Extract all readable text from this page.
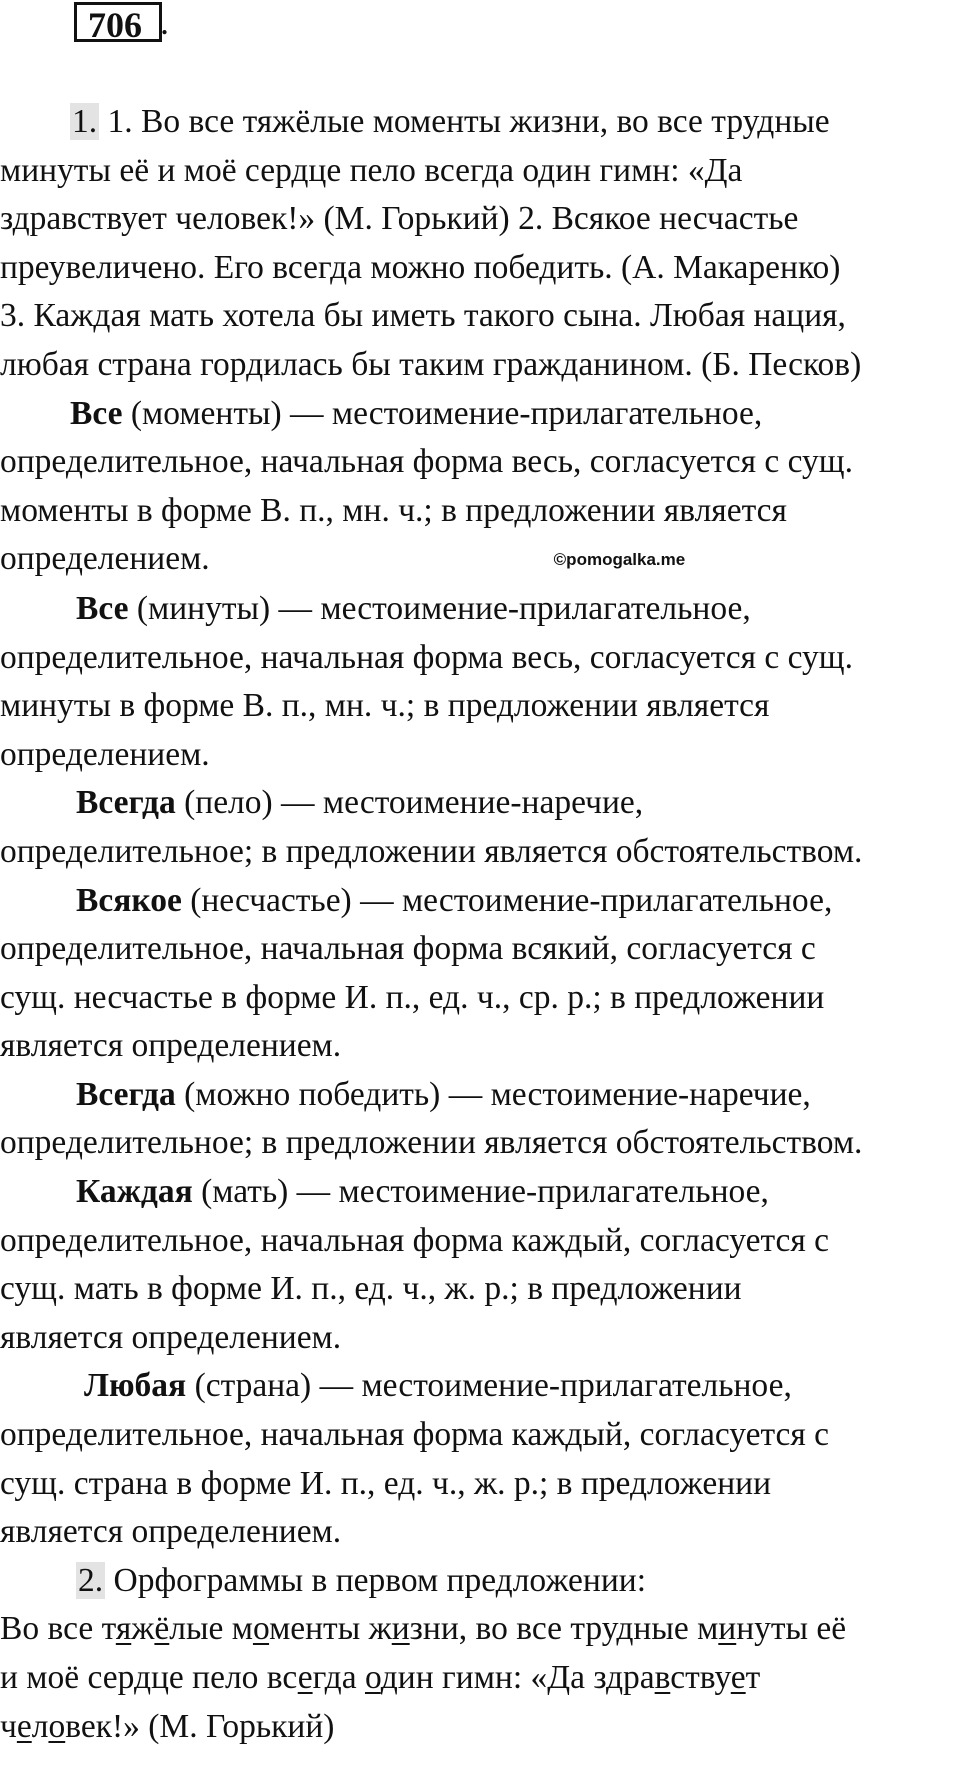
706 .

1. 1. Во все тяжёлые моменты жизни, во все трудные

минуты её и моё сердце пело всегда один гимн: «Да

здравствует человек!» (М. Горький) 2. Всякое несчастье

преувеличено. Его всегда можно победить. (А. Макаренко)

3. Каждая мать хотела бы иметь такого сына. Любая нация,

любая страна гордилась бы таким гражданином. (Б. Песков)

Все (моменты) — местоимение-прилагательное,

определительное, начальная форма весь, согласуется с сущ.

моменты в форме В. п., мн. ч.; в предложении является

определением.	©pomogalka.me

Все (минуты) — местоимение-прилагательное,

определительное, начальная форма весь, согласуется с сущ.

минуты в форме В. п., мн. ч.; в предложении является

определением.

Всегда (пело) — местоимение-наречие,

определительное; в предложении является обстоятельством.

Всякое (несчастье) — местоимение-прилагательное,

определительное, начальная форма всякий, согласуется с

сущ. несчастье в форме И. п., ед. ч., ср. р.; в предложении

является определением.

Всегда (можно победить) — местоимение-наречие,

определительное; в предложении является обстоятельством.

Каждая (мать) — местоимение-прилагательное,

определительное, начальная форма каждый, согласуется с

сущ. мать в форме И. п., ед. ч., ж. р.; в предложении

является определением.

Любая (страна) — местоимение-прилагательное,

определительное, начальная форма каждый, согласуется с

сущ. страна в форме И. п., ед. ч., ж. р.; в предложении

является определением.

2. Орфограммы в первом предложении:

Во все тяжёлые моменты жизни, во все трудные минуты её

и моё сердце пело всегда один гимн: «Да здравствует

человек!» (М. Горький)
